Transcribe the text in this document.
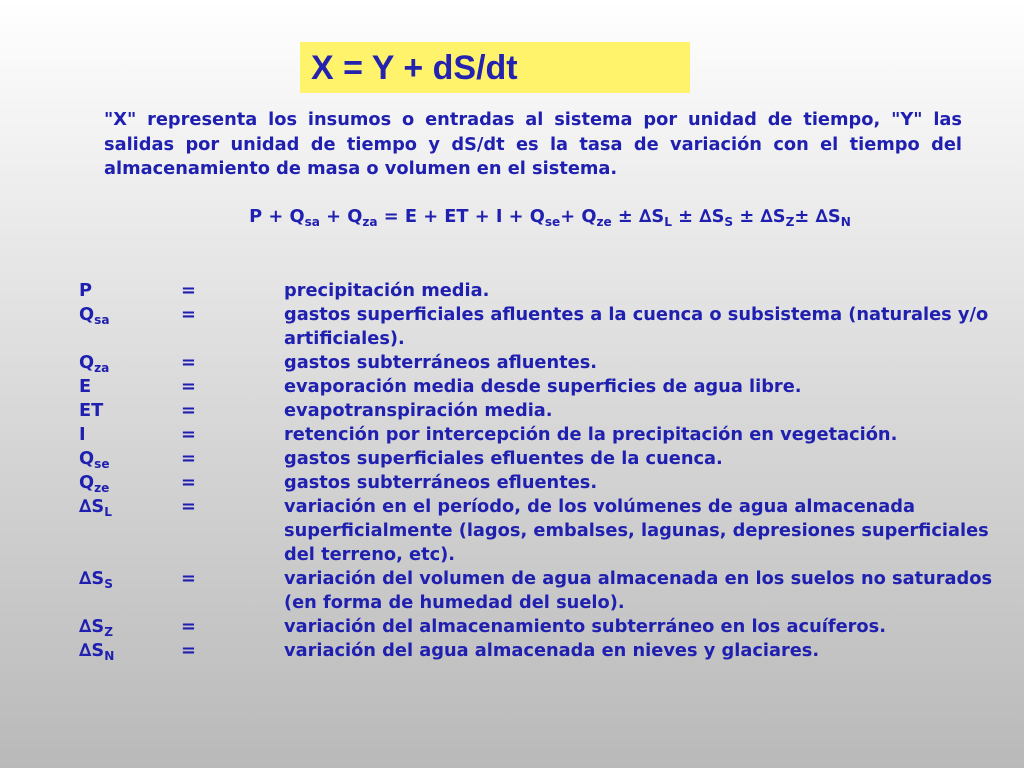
X = Y + dS/dt
"X" representa los insumos o entradas al sistema por unidad de tiempo, "Y" las salidas por unidad de tiempo y dS/dt es la tasa de variación con el tiempo del almacenamiento de masa o volumen en el sistema.
$P + Q_{sa} + Q_{za} = E$ + ET + $I + Q_{se}+ Q_{ze} \pm \Delta S_L \pm \Delta S_S \pm \Delta S_Z\pm \Delta S_N$
P	=	precipitación media.
$Q_{sa}$	=	gastos superficiales afluentes a la cuenca o subsistema (naturales y/o artificiales).
$Q_{za}$	=	gastos subterráneos afluentes.
E	=	evaporación media desde superficies de agua libre.
ET	=	evapotranspiración media.
I	=	retención por intercepción de la precipitación en vegetación.
$Q_{se}$	=	gastos superficiales efluentes de la cuenca.
$Q_{ze}$	=	gastos subterráneos efluentes.
$\Delta S_L$	=	variación en el período, de los volúmenes de agua almacenada superficialmente (lagos, embalses, lagunas, depresiones superficiales del terreno, etc).
$\Delta S_S$	=	variación del volumen de agua almacenada en los suelos no saturados (en forma de humedad del suelo).
$\Delta S_Z$	=	variación del almacenamiento subterráneo en los acuíferos.
$\Delta S_N$	=	variación del agua almacenada en nieves y glaciares.
